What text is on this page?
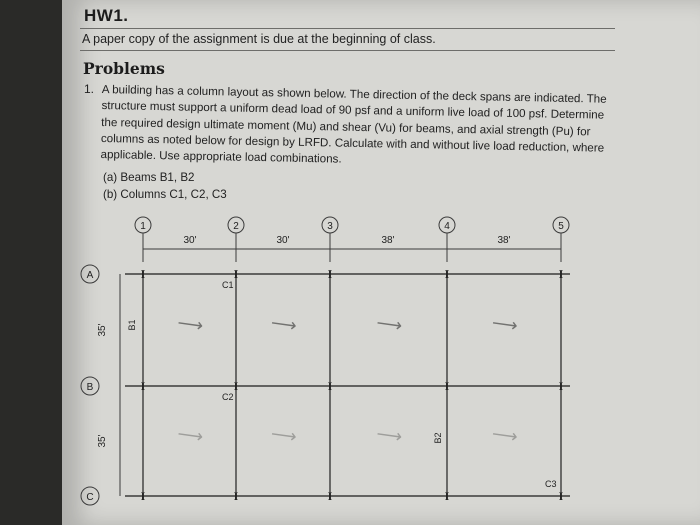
HW1.
A paper copy of the assignment is due at the beginning of class.
Problems
1. A building has a column layout as shown below. The direction of the deck spans are indicated. The structure must support a uniform dead load of 90 psf and a uniform live load of 100 psf. Determine the required design ultimate moment (Mu) and shear (Vu) for beams, and axial strength (Pu) for columns as noted below for design by LRFD. Calculate with and without live load reduction, where applicable. Use appropriate load combinations.
(a) Beams B1, B2
(b) Columns C1, C2, C3
1	2	3	4	5
A
B
C
30'	30'	38'	38'
35'
35'
B1
B2
C1
C2
C3
I	I	I	I	I
I	I	I	I	I
I	I	I	I	I
⟶	⟶	⟶	⟶
⟶	⟶	⟶	⟶
